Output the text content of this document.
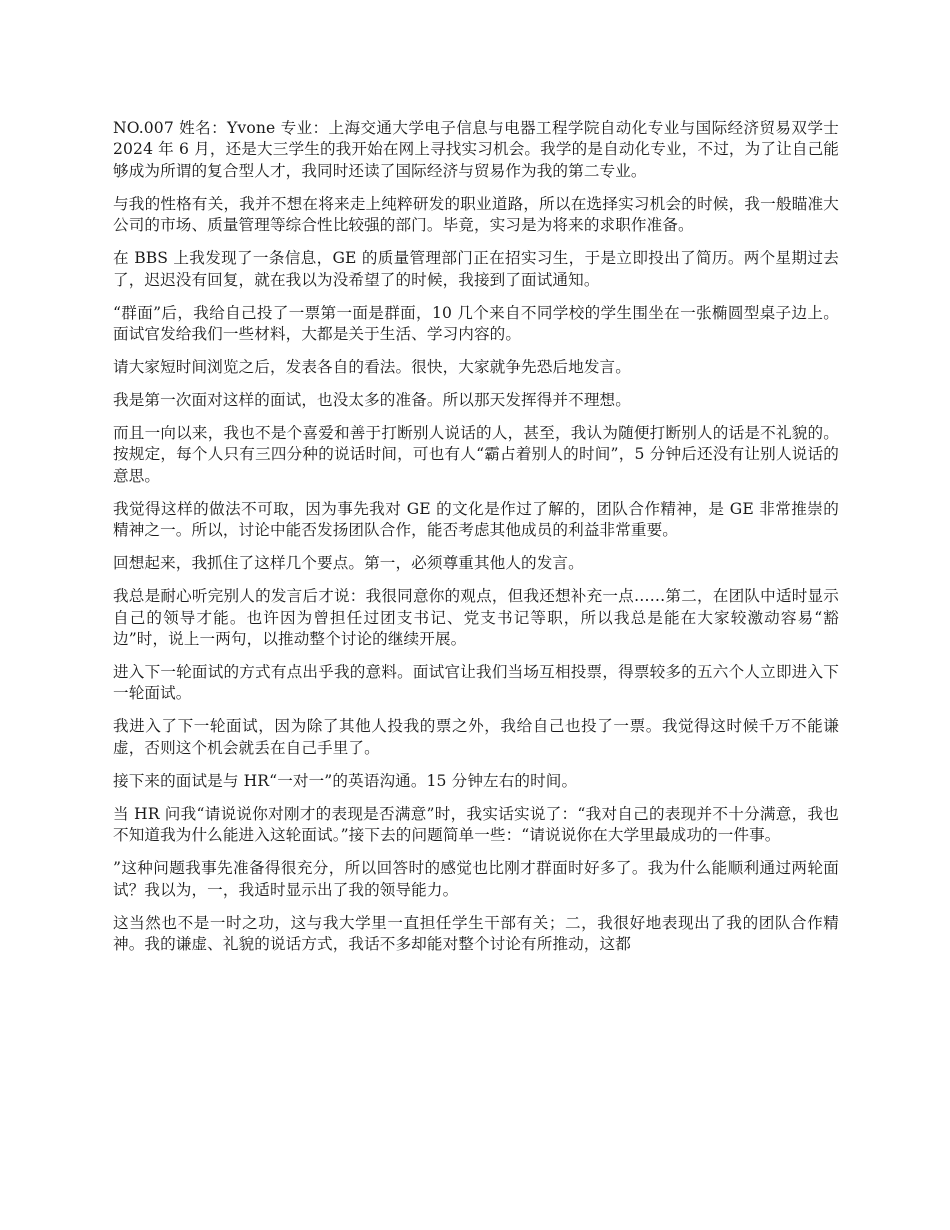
NO.007 姓名：Yvone 专业：上海交通大学电子信息与电器工程学院自动化专业与国际经济贸易双学士 2024 年 6 月，还是大三学生的我开始在网上寻找实习机会。我学的是自动化专业，不过，为了让自己能够成为所谓的复合型人才，我同时还读了国际经济与贸易作为我的第二专业。

与我的性格有关，我并不想在将来走上纯粹研发的职业道路，所以在选择实习机会的时候，我一般瞄准大公司的市场、质量管理等综合性比较强的部门。毕竟，实习是为将来的求职作准备。

在 BBS 上我发现了一条信息，GE 的质量管理部门正在招实习生，于是立即投出了简历。两个星期过去了，迟迟没有回复，就在我以为没希望了的时候，我接到了面试通知。

“群面”后，我给自己投了一票第一面是群面，10 几个来自不同学校的学生围坐在一张椭圆型桌子边上。面试官发给我们一些材料，大都是关于生活、学习内容的。

请大家短时间浏览之后，发表各自的看法。很快，大家就争先恐后地发言。

我是第一次面对这样的面试，也没太多的准备。所以那天发挥得并不理想。

而且一向以来，我也不是个喜爱和善于打断别人说话的人，甚至，我认为随便打断别人的话是不礼貌的。按规定，每个人只有三四分种的说话时间，可也有人“霸占着别人的时间”，5 分钟后还没有让别人说话的意思。

我觉得这样的做法不可取，因为事先我对 GE 的文化是作过了解的，团队合作精神，是 GE 非常推崇的精神之一。所以，讨论中能否发扬团队合作，能否考虑其他成员的利益非常重要。

回想起来，我抓住了这样几个要点。第一，必须尊重其他人的发言。

我总是耐心听完别人的发言后才说：我很同意你的观点，但我还想补充一点……第二，在团队中适时显示自己的领导才能。也许因为曾担任过团支书记、党支书记等职，所以我总是能在大家较激动容易“豁边”时，说上一两句，以推动整个讨论的继续开展。

进入下一轮面试的方式有点出乎我的意料。面试官让我们当场互相投票，得票较多的五六个人立即进入下一轮面试。

我进入了下一轮面试，因为除了其他人投我的票之外，我给自己也投了一票。我觉得这时候千万不能谦虚，否则这个机会就丢在自己手里了。

接下来的面试是与 HR“一对一”的英语沟通。15 分钟左右的时间。

当 HR 问我“请说说你对刚才的表现是否满意”时，我实话实说了：“我对自己的表现并不十分满意，我也不知道我为什么能进入这轮面试。”接下去的问题简单一些：“请说说你在大学里最成功的一件事。

”这种问题我事先准备得很充分，所以回答时的感觉也比刚才群面时好多了。我为什么能顺利通过两轮面试？我以为，一，我适时显示出了我的领导能力。

这当然也不是一时之功，这与我大学里一直担任学生干部有关；二，我很好地表现出了我的团队合作精神。我的谦虚、礼貌的说话方式，我话不多却能对整个讨论有所推动，这都
